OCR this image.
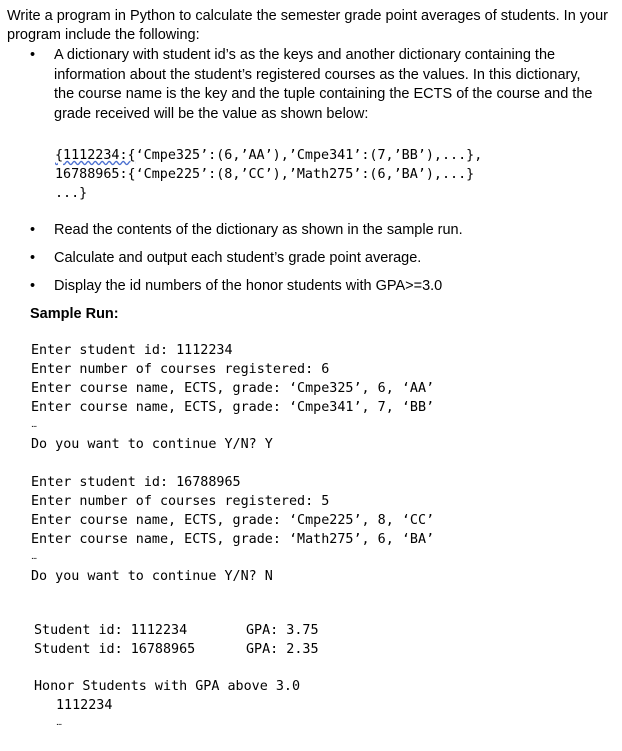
Write a program in Python to calculate the semester grade point averages of students. In your program include the following:
• A dictionary with student id’s as the keys and another dictionary containing the information about the student’s registered courses as the values. In this dictionary, the course name is the key and the tuple containing the ECTS of the course and the grade received will be the value as shown below:
{1112234:{‘Cmpe325’:(6,’AA’),’Cmpe341’:(7,’BB’),...},
16788965:{‘Cmpe225’:(8,’CC’),’Math275’:(6,’BA’),...}
...}
• Read the contents of the dictionary as shown in the sample run.
• Calculate and output each student’s grade point average.
• Display the id numbers of the honor students with GPA>=3.0
Sample Run:
Enter student id: 1112234
Enter number of courses registered: 6
Enter course name, ECTS, grade: ‘Cmpe325’, 6, ‘AA’
Enter course name, ECTS, grade: ‘Cmpe341’, 7, ‘BB’
...
Do you want to continue Y/N? Y
Enter student id: 16788965
Enter number of courses registered: 5
Enter course name, ECTS, grade: ‘Cmpe225’, 8, ‘CC’
Enter course name, ECTS, grade: ‘Math275’, 6, ‘BA’
...
Do you want to continue Y/N? N
Student id: 1112234	GPA: 3.75
Student id: 16788965	GPA: 2.35
Honor Students with GPA above 3.0
1112234
...
